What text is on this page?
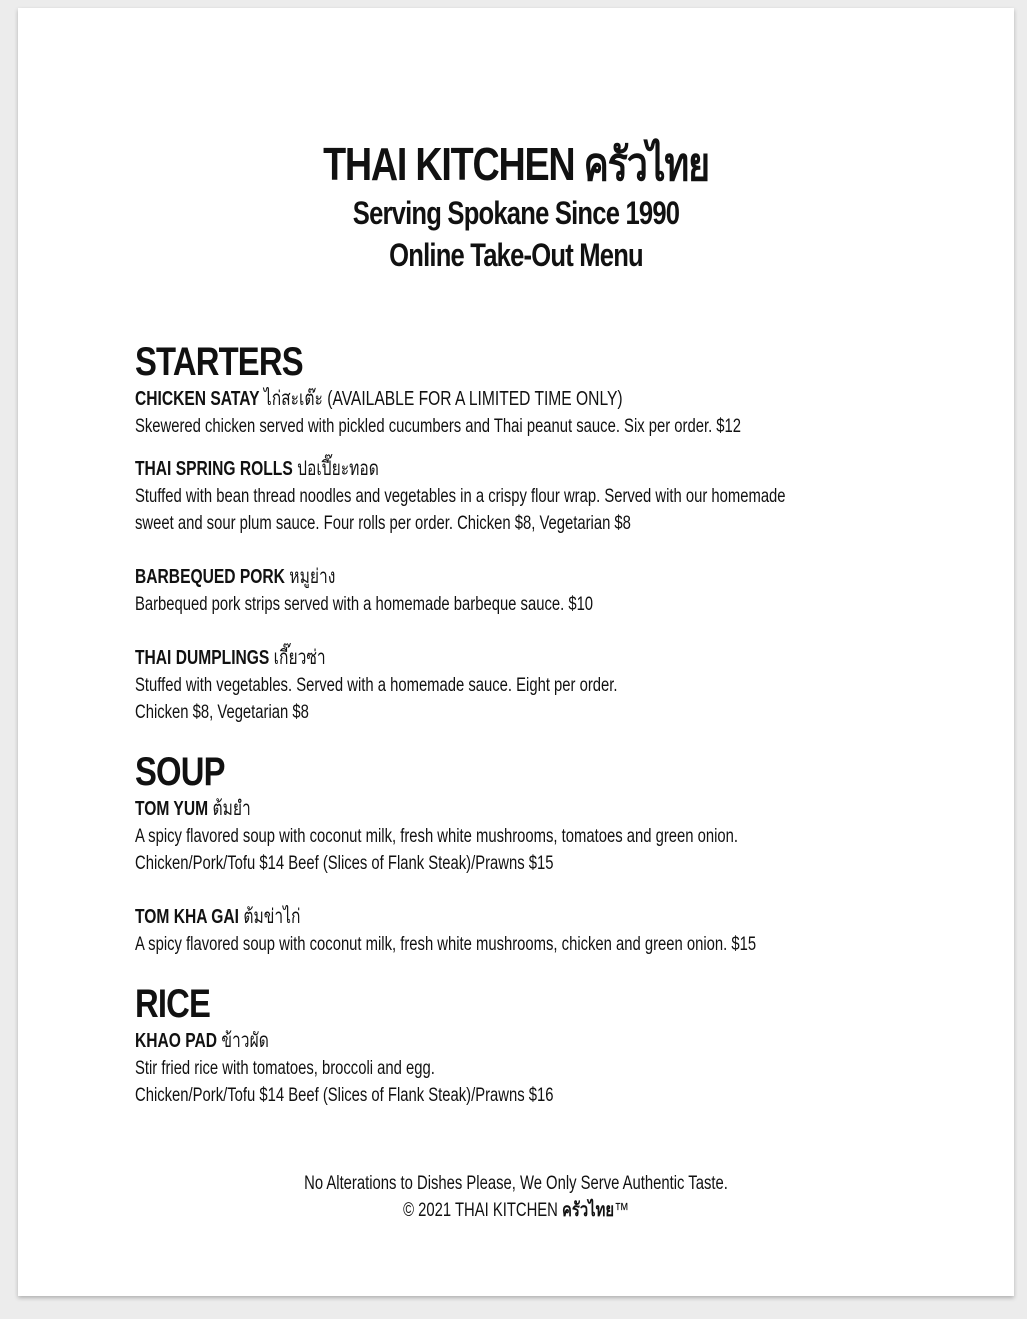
THAI KITCHEN ครัวไทย

Serving Spokane Since 1990

Online Take-Out Menu

STARTERS

CHICKEN SATAY ไก่สะเต๊ะ (AVAILABLE FOR A LIMITED TIME ONLY)
Skewered chicken served with pickled cucumbers and Thai peanut sauce. Six per order. $12
THAI SPRING ROLLS ปอเปี๊ยะทอด
Stuffed with bean thread noodles and vegetables in a crispy flour wrap. Served with our homemade
sweet and sour plum sauce. Four rolls per order. Chicken $8, Vegetarian $8
BARBEQUED PORK หมูย่าง
Barbequed pork strips served with a homemade barbeque sauce. $10
THAI DUMPLINGS เกี๊ยวซ่า
Stuffed with vegetables. Served with a homemade sauce. Eight per order.
Chicken $8, Vegetarian $8

SOUP

TOM YUM ต้มยำ
A spicy flavored soup with coconut milk, fresh white mushrooms, tomatoes and green onion.
Chicken/Pork/Tofu $14 Beef (Slices of Flank Steak)/Prawns $15
TOM KHA GAI ต้มข่าไก่
A spicy flavored soup with coconut milk, fresh white mushrooms, chicken and green onion. $15

RICE

KHAO PAD ข้าวผัด
Stir fried rice with tomatoes, broccoli and egg.
Chicken/Pork/Tofu $14 Beef (Slices of Flank Steak)/Prawns $16

No Alterations to Dishes Please, We Only Serve Authentic Taste.

© 2021 THAI KITCHEN ครัวไทย™
